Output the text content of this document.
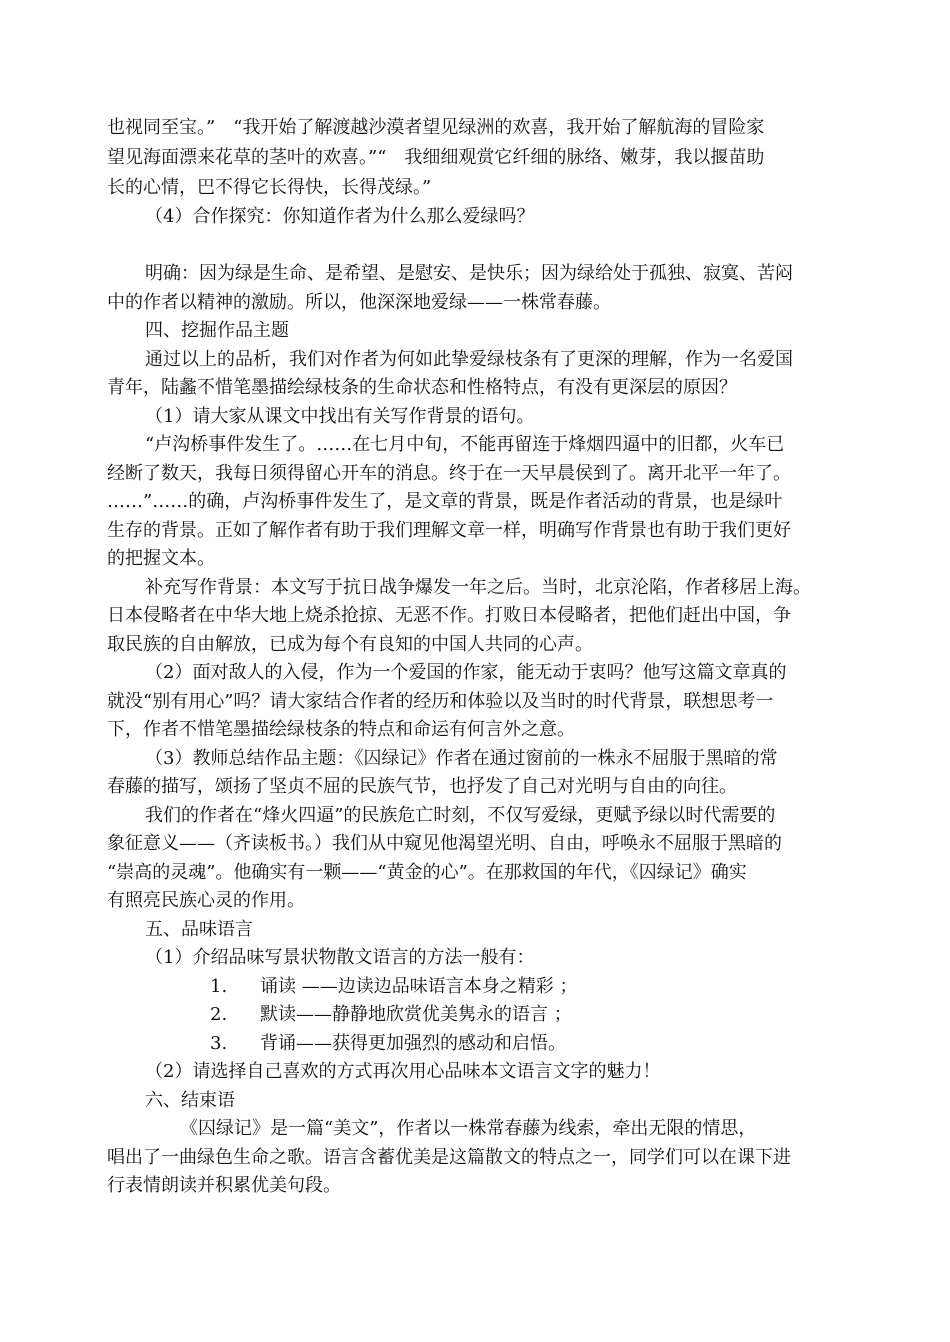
也视同至宝。”　“我开始了解渡越沙漠者望见绿洲的欢喜，我开始了解航海的冒险家

望见海面漂来花草的茎叶的欢喜。”“　我细细观赏它纤细的脉络、嫩芽，我以揠苗助

长的心情，巴不得它长得快，长得茂绿。”

（4）合作探究：你知道作者为什么那么爱绿吗？

明确：因为绿是生命、是希望、是慰安、是快乐；因为绿给处于孤独、寂寞、苦闷

中的作者以精神的激励。所以，他深深地爱绿——一株常春藤。

四、挖掘作品主题

通过以上的品析，我们对作者为何如此挚爱绿枝条有了更深的理解，作为一名爱国

青年，陆蠡不惜笔墨描绘绿枝条的生命状态和性格特点，有没有更深层的原因？

（1）请大家从课文中找出有关写作背景的语句。

“卢沟桥事件发生了。……在七月中旬，不能再留连于烽烟四逼中的旧都，火车已

经断了数天，我每日须得留心开车的消息。终于在一天早晨侯到了。离开北平一年了。

……”……的确，卢沟桥事件发生了，是文章的背景，既是作者活动的背景，也是绿叶

生存的背景。正如了解作者有助于我们理解文章一样，明确写作背景也有助于我们更好

的把握文本。

补充写作背景：本文写于抗日战争爆发一年之后。当时，北京沦陷，作者移居上海。

日本侵略者在中华大地上烧杀抢掠、无恶不作。打败日本侵略者，把他们赶出中国，争

取民族的自由解放，已成为每个有良知的中国人共同的心声。

（2）面对敌人的入侵，作为一个爱国的作家，能无动于衷吗？他写这篇文章真的

就没“别有用心”吗？请大家结合作者的经历和体验以及当时的时代背景，联想思考一

下，作者不惜笔墨描绘绿枝条的特点和命运有何言外之意。

（3）教师总结作品主题：《囚绿记》作者在通过窗前的一株永不屈服于黑暗的常

春藤的描写，颂扬了坚贞不屈的民族气节，也抒发了自己对光明与自由的向往。

我们的作者在“烽火四逼”的民族危亡时刻，不仅写爱绿，更赋予绿以时代需要的

象征意义——（齐读板书。）我们从中窥见他渴望光明、自由，呼唤永不屈服于黑暗的

“崇高的灵魂”。他确实有一颗——“黄金的心”。在那救国的年代，《囚绿记》确实

有照亮民族心灵的作用。

五、品味语言

（1）介绍品味写景状物散文语言的方法一般有：

1. 诵读 ——边读边品味语言本身之精彩 ；

2. 默读——静静地欣赏优美隽永的语言 ；

3. 背诵——获得更加强烈的感动和启悟。

（2）请选择自己喜欢的方式再次用心品味本文语言文字的魅力！

六、结束语

《囚绿记》是一篇“美文”，作者以一株常春藤为线索，牵出无限的情思，

唱出了一曲绿色生命之歌。语言含蓄优美是这篇散文的特点之一，同学们可以在课下进

行表情朗读并积累优美句段。
